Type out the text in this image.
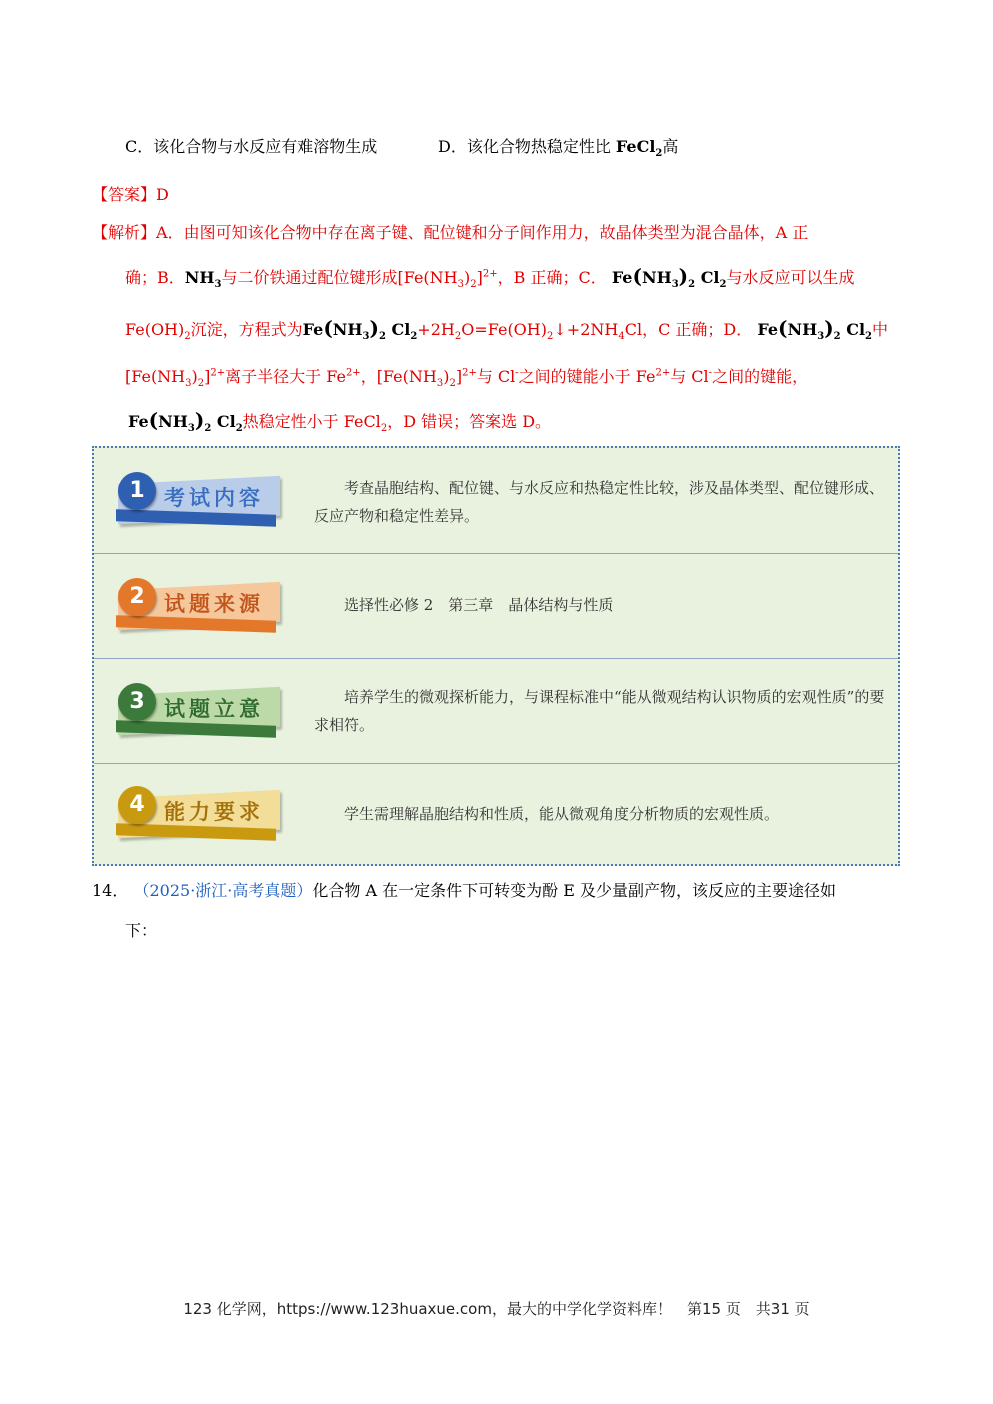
C．该化合物与水反应有难溶物生成	D．该化合物热稳定性比 FeCl$_2$高
【答案】D
【解析】A．由图可知该化合物中存在离子键、配位键和分子间作用力，故晶体类型为混合晶体，A 正
确；B．$NH_3$与二价铁通过配位键形成$[Fe(NH_3)_2]^{2+}$，B 正确；C． $Fe(NH_3)_2$ $Cl_2$与水反应可以生成
$Fe(OH)_2$沉淀，方程式为$Fe(NH_3)_2$ $Cl_2+2H_2O=Fe(OH)_2↓+2NH_4Cl$，C 正确；D． $Fe(NH_3)_2$ $Cl_2$中
$[Fe(NH_3)_2]^{2+}$离子半径大于 $Fe^{2+}$，$[Fe(NH_3)_2]^{2+}$与 Cl-之间的键能小于 $Fe^{2+}$与 Cl-之间的键能，
$Fe(NH_3)_2$ $Cl_2$热稳定性小于 FeCl$_2$，D 错误；答案选 D。
1 考试内容	考查晶胞结构、配位键、与水反应和热稳定性比较，涉及晶体类型、配位键形成、反应产物和稳定性差异。
2 试题来源	选择性必修 2　第三章　晶体结构与性质
3 试题立意	培养学生的微观探析能力，与课程标准中“能从微观结构认识物质的宏观性质”的要求相符。
4 能力要求	学生需理解晶胞结构和性质，能从微观角度分析物质的宏观性质。
14． （2025·浙江·高考真题）化合物 A 在一定条件下可转变为酚 E 及少量副产物，该反应的主要途径如
下：
123 化学网，https://www.123huaxue.com，最大的中学化学资料库！　第15 页　共31 页
